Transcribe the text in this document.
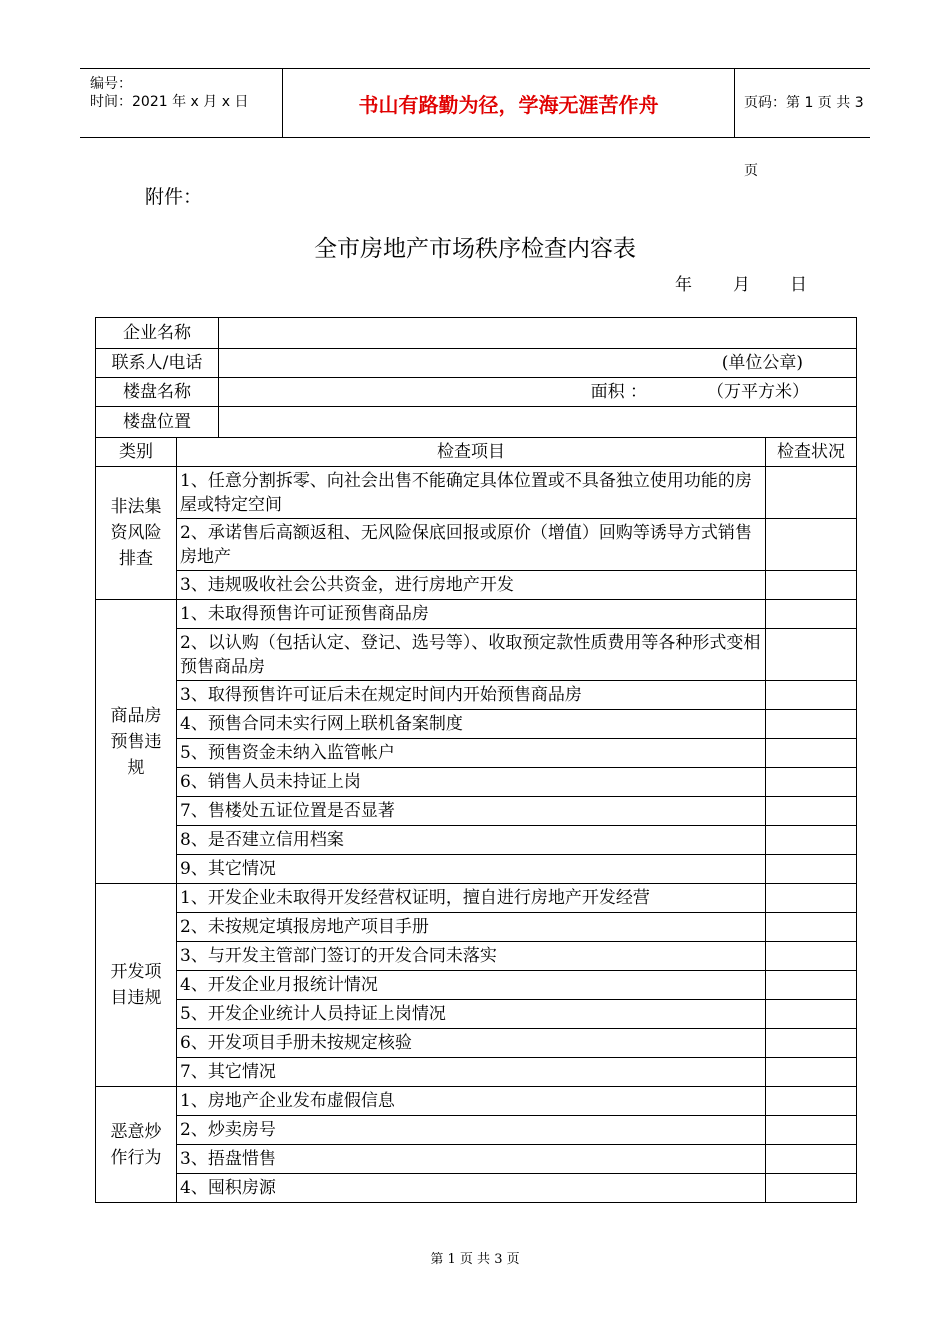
编号：
时间：2021 年 x 月 x 日	书山有路勤为径，学海无涯苦作舟	页码：第 1 页 共 3 页
附件：
全市房地产市场秩序检查内容表
年 月 日
企业名称			
联系人/电话		(单位公章)	

楼盘名称		面积 ： （万平方米）	

楼盘位置			
类别	检查项目		检查状况
非法集
资风险
排查	1、任意分割拆零、向社会出售不能确定具体位置或不具备独立使用功能的房屋或特定空间		
	2、承诺售后高额返租、无风险保底回报或原价（增值）回购等诱导方式销售房地产		
	3、违规吸收社会公共资金，进行房地产开发		
商品房
预售违
规	1、未取得预售许可证预售商品房		
	2、以认购（包括认定、登记、选号等）、收取预定款性质费用等各种形式变相预售商品房		
	3、取得预售许可证后未在规定时间内开始预售商品房		
	4、预售合同未实行网上联机备案制度		
	5、预售资金未纳入监管帐户		
	6、销售人员未持证上岗		
	7、售楼处五证位置是否显著		
	8、是否建立信用档案		
	9、其它情况		
开发项
目违规	1、开发企业未取得开发经营权证明，擅自进行房地产开发经营		
	2、未按规定填报房地产项目手册		
	3、与开发主管部门签订的开发合同未落实		
	4、开发企业月报统计情况		
	5、开发企业统计人员持证上岗情况		
	6、开发项目手册未按规定核验		
	7、其它情况		
恶意炒
作行为	1、房地产企业发布虚假信息		
	2、炒卖房号		
	3、捂盘惜售		
	4、囤积房源		
第 1 页 共 3 页
